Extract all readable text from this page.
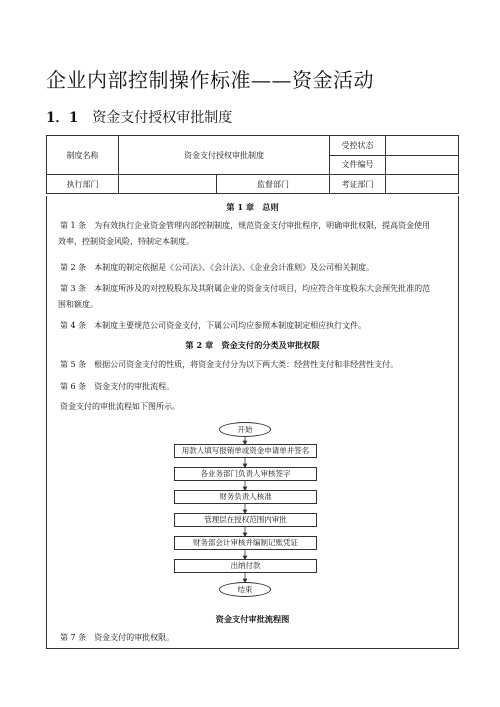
企业内部控制操作标准——资金活动
1．1 资金支付授权审批制度
制度名称	资金支付授权审批制度		受控状态	
			文件编号	
执行部门		监督部门	考证部门	
第 1 章　总则
第 1 条　为有效执行企业资金管理内部控制制度，规范资金支付审批程序，明确审批权限，提高资金使用

效率，控制资金风险，特制定本制度。
第 2 条　本制度的制定依据是《公司法》、《会计法》、《企业会计准则》及公司相关制度。
第 3 条　本制度所涉及的对控股股东及其附属企业的资金支付项目，均应符合年度股东大会预先批准的范

围和额度。
第 4 条　本制度主要规范公司资金支付，下属公司均应参照本制度制定相应执行文件。
第 2 章　资金支付的分类及审批权限
第 5 条　根据公司资金支付的性质，将资金支付分为以下两大类：经营性支付和非经营性支付。
第 6 条　资金支付的审批流程。
资金支付的审批流程如下图所示。
开始
用款人填写报销单或资金申请单并签名
各业务部门负责人审核签字
财务负责人核准
管理层在授权范围内审批
财务部会计审核并编制记账凭证
出纳付款
结束
资金支付审批流程图
第 7 条　资金支付的审批权限。
